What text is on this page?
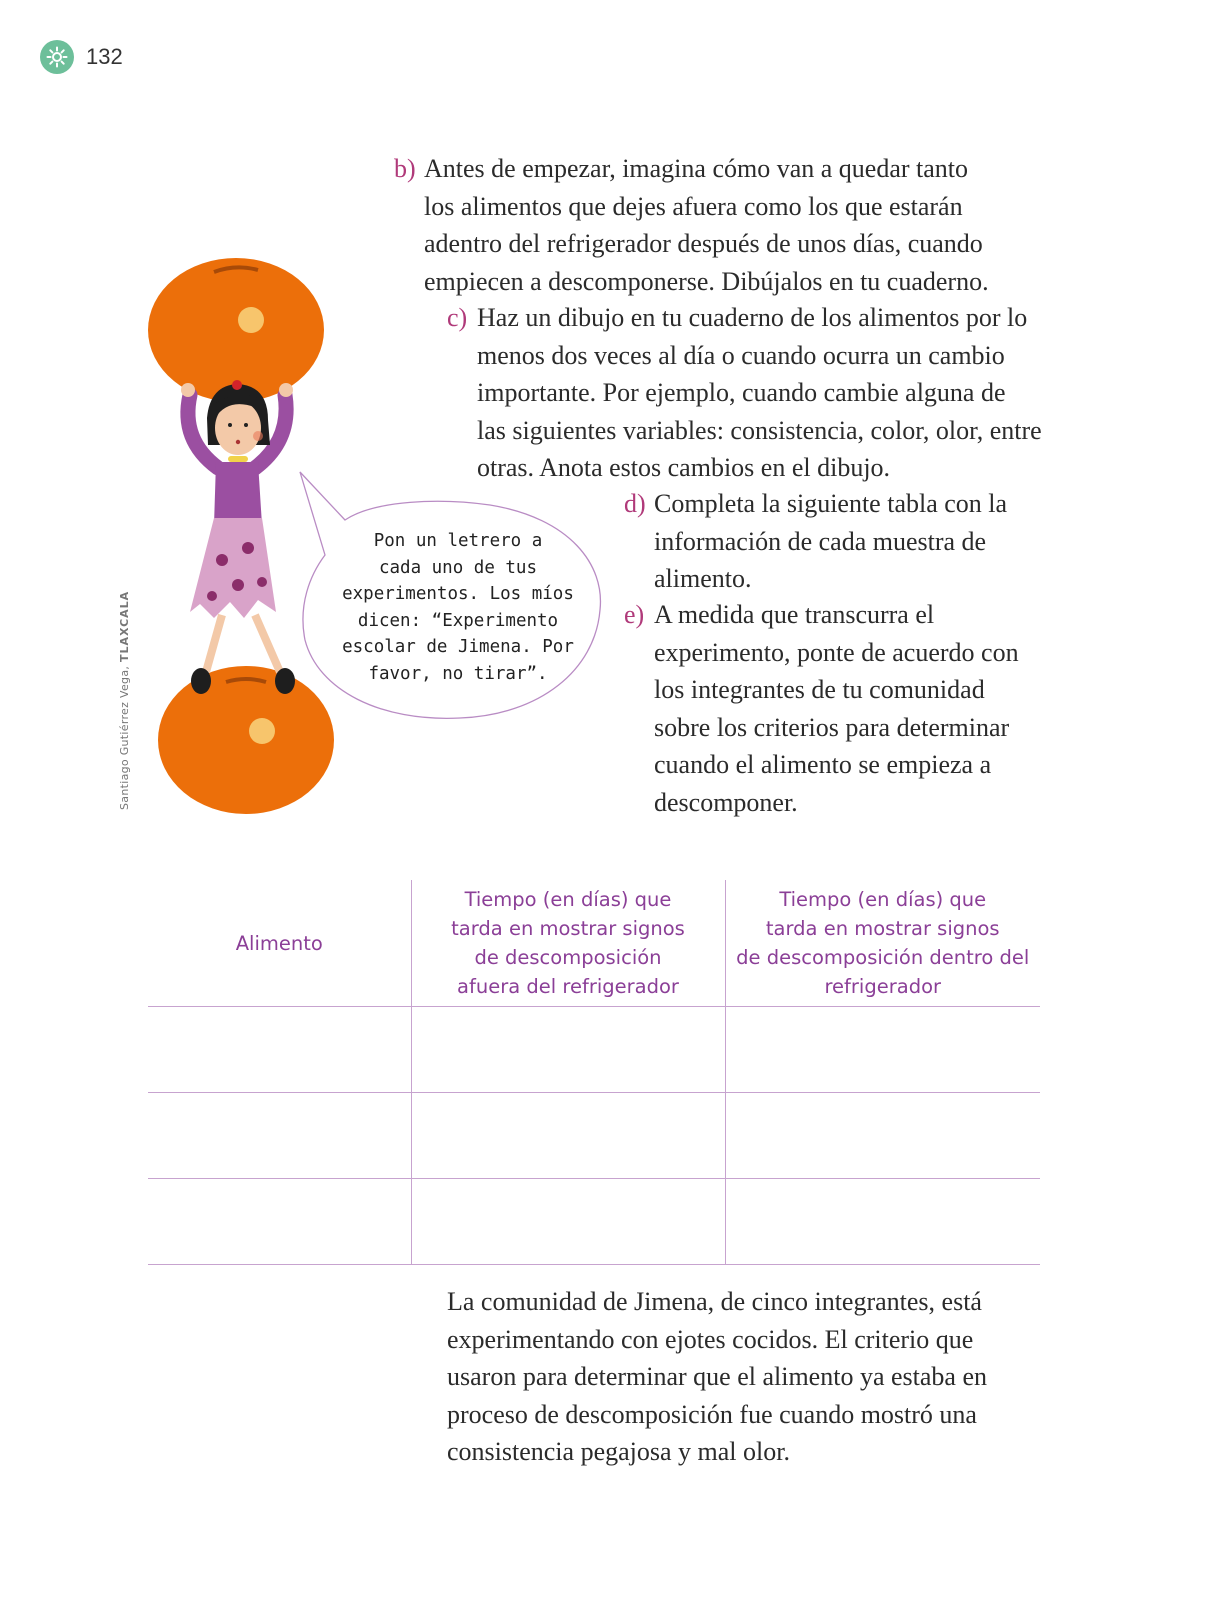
132
Santiago Gutiérrez Vega, TLAXCALA

Pon un letrero a
cada uno de tus
experimentos. Los míos
dicen: “Experimento
escolar de Jimena. Por
favor, no tirar”.

b) Antes de empezar, imagina cómo van a quedar tanto
los alimentos que dejes afuera como los que estarán
adentro del refrigerador después de unos días, cuando
empiecen a descomponerse. Dibújalos en tu cuaderno.

c) Haz un dibujo en tu cuaderno de los alimentos por lo
menos dos veces al día o cuando ocurra un cambio
importante. Por ejemplo, cuando cambie alguna de
las siguientes variables: consistencia, color, olor, entre
otras. Anota estos cambios en el dibujo.

d) Completa la siguiente tabla con la
información de cada muestra de
alimento.

e) A medida que transcurra el
experimento, ponte de acuerdo con
los integrantes de tu comunidad
sobre los criterios para determinar
cuando el alimento se empieza a
descomponer.

Alimento	Tiempo (en días) que
tarda en mostrar signos
de descomposición
afuera del refrigerador	Tiempo (en días) que
tarda en mostrar signos
de descomposición dentro del
refrigerador

La comunidad de Jimena, de cinco integrantes, está
experimentando con ejotes cocidos. El criterio que
usaron para determinar que el alimento ya estaba en
proceso de descomposición fue cuando mostró una
consistencia pegajosa y mal olor.
